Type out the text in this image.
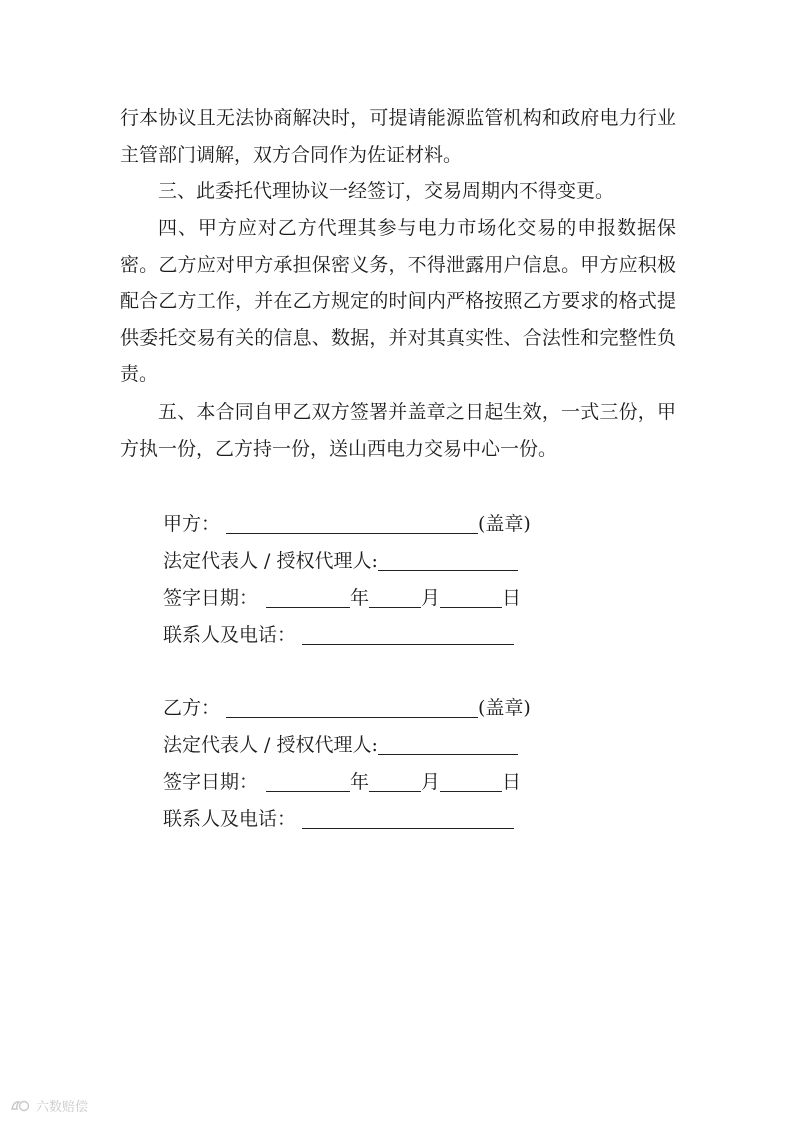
行本协议且无法协商解决时，可提请能源监管机构和政府电力行业主管部门调解，双方合同作为佐证材料。

三、此委托代理协议一经签订，交易周期内不得变更。

四、甲方应对乙方代理其参与电力市场化交易的申报数据保密。乙方应对甲方承担保密义务，不得泄露用户信息。甲方应积极配合乙方工作，并在乙方规定的时间内严格按照乙方要求的格式提供委托交易有关的信息、数据，并对其真实性、合法性和完整性负责。

五、本合同自甲乙双方签署并盖章之日起生效，一式三份，甲方执一份，乙方持一份，送山西电力交易中心一份。

甲方：	(盖章)
法定代表人 / 授权代理人:
签字日期：	年	月	日
联系人及电话：
乙方：	(盖章)
法定代表人 / 授权代理人:
签字日期：	年	月	日
联系人及电话：
六数赔偿
